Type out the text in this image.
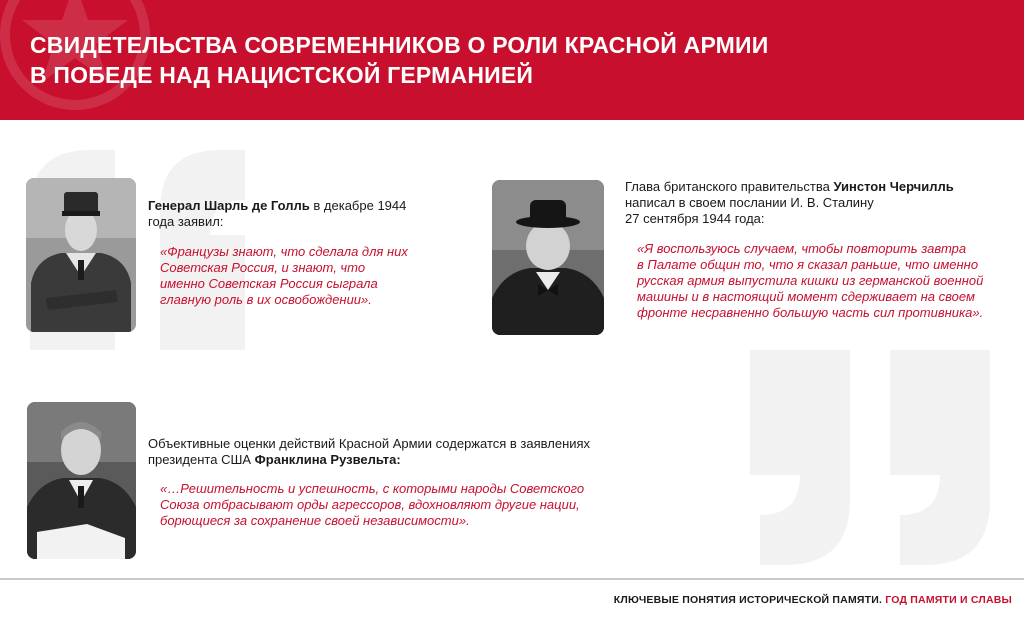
СВИДЕТЕЛЬСТВА СОВРЕМЕННИКОВ О РОЛИ КРАСНОЙ АРМИИ
В ПОБЕДЕ НАД НАЦИСТСКОЙ ГЕРМАНИЕЙ
Генерал Шарль де Голль в декабре 1944
года заявил:
«Французы знают, что сделала для них
Советская Россия, и знают, что
именно Советская Россия сыграла
главную роль в их освобождении».
Глава британского правительства Уинстон Черчилль
написал в своем послании И. В. Сталину
27 сентября 1944 года:
«Я воспользуюсь случаем, чтобы повторить завтра
в Палате общин то, что я сказал раньше, что именно
русская армия выпустила кишки из германской военной
машины и в настоящий момент сдерживает на своем
фронте несравненно большую часть сил противника».
Объективные оценки действий Красной Армии содержатся в заявлениях
президента США Франклина Рузвельта:
«…Решительность и успешность, с которыми народы Советского
Союза отбрасывают орды агрессоров, вдохновляют другие нации,
борющиеся за сохранение своей независимости».
КЛЮЧЕВЫЕ ПОНЯТИЯ ИСТОРИЧЕСКОЙ ПАМЯТИ. ГОД ПАМЯТИ И СЛАВЫ
